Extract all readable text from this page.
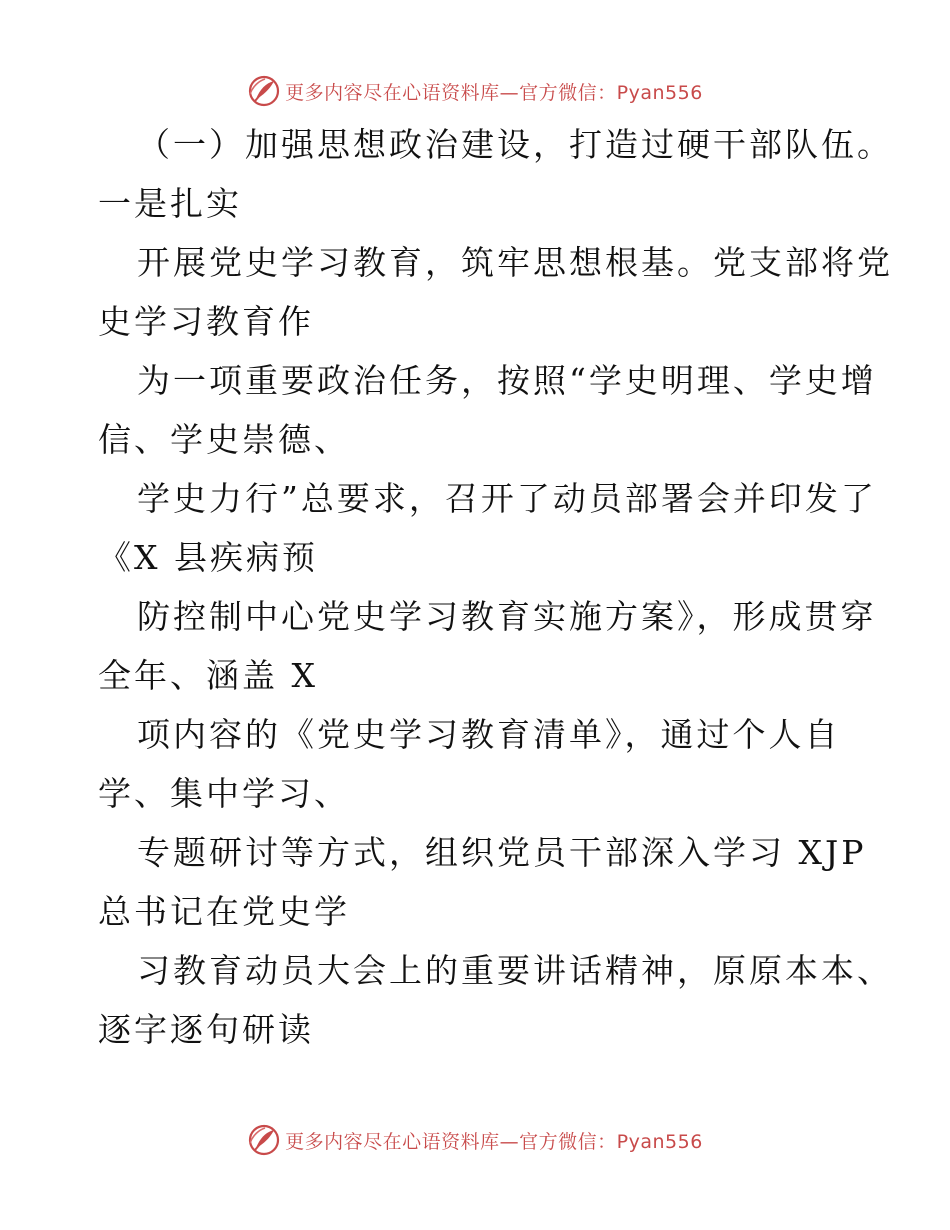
更多内容尽在心语资料库—官方微信：Pyan556
（一）加强思想政治建设，打造过硬干部队伍。
一是扎实
开展党史学习教育，筑牢思想根基。党支部将党
史学习教育作
为一项重要政治任务，按照“学史明理、学史增
信、学史崇德、
学史力行”总要求，召开了动员部署会并印发了
《X 县疾病预
防控制中心党史学习教育实施方案》，形成贯穿
全年、涵盖 X
项内容的《党史学习教育清单》，通过个人自
学、集中学习、
专题研讨等方式，组织党员干部深入学习 XJP
总书记在党史学
习教育动员大会上的重要讲话精神，原原本本、
逐字逐句研读
更多内容尽在心语资料库—官方微信：Pyan556
